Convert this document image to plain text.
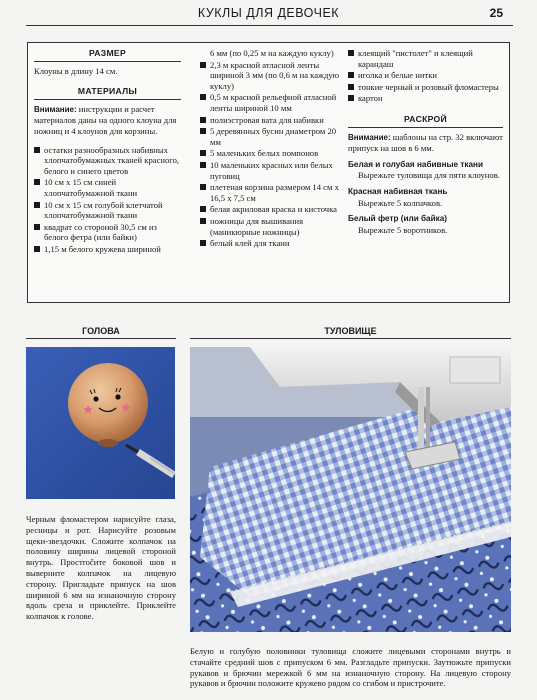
КУКЛЫ ДЛЯ ДЕВОЧЕК	25
РАЗМЕР
Клоуны в длину 14 см.
МАТЕРИАЛЫ
Внимание: инструкции и расчет материалов даны на одного клоуна для ножниц и 4 клоунов для корзины.
остатки разнообразных набивных хлопчатобумажных тканей красного, белого и синего цветов
10 см х 15 см синей хлопчатобумажной ткани
10 см х 15 см голубой клетчатой хлопчатобумажной ткани
квадрат со стороной 30,5 см из белого фетра (или байки)
1,15 м белого кружева шириной
6 мм (по 0,25 м на каждую куклу)
2,3 м красной атласной ленты шириной 3 мм (по 0,6 м на каждую куклу)
0,5 м красной рельефной атласной ленты шириной 10 мм
полиэстровая вата для набивки
5 деревянных бусин диаметром 20 мм
5 маленьких белых помпонов
10 маленьких красных или белых пуговиц
плетеная корзина размером 14 см х 16,5 х 7,5 см
белая акриловая краска и кисточка
ножницы для вышивания (маникюрные ножницы)
белый клей для ткани
клеящий "пистолет" и клеящий карандаш
иголка и белые нитки
тонкие черный и розовый фломастеры
картон
РАСКРОЙ
Внимание: шаблоны на стр. 32 включают припуск на шов в 6 мм.
Белая и голубая набивные ткани
Вырежьте туловища для пяти клоунов.
Красная набивная ткань
Вырежьте 5 колпачков.
Белый фетр (или байка)
Вырежьте 5 воротников.
ГОЛОВА	ТУЛОВИЩЕ
Черным фломастером нарисуйте глаза, ресницы и рот. Нарисуйте розовым щеки-звездочки. Сложите колпачок на половину ширины лицевой стороной внутрь. Простročите боковой шов и выверните колпачок на лицевую сторону. Пригладьте припуск на шов шириной 6 мм на изнаночную сторону вдоль среза и приклейте. Приклейте колпачок к голове.
Белую и голубую половинки туловища сложите лицевыми сторонами внутрь и стачайте средний шов с припуском 6 мм. Разгладьте припуски. Заутюжьте припуски рукавов и брючин мережкой 6 мм на изнаночную сторону. На лицевую сторону рукавов и брючин положите кружево рядом со сгибом и пристрочите.
